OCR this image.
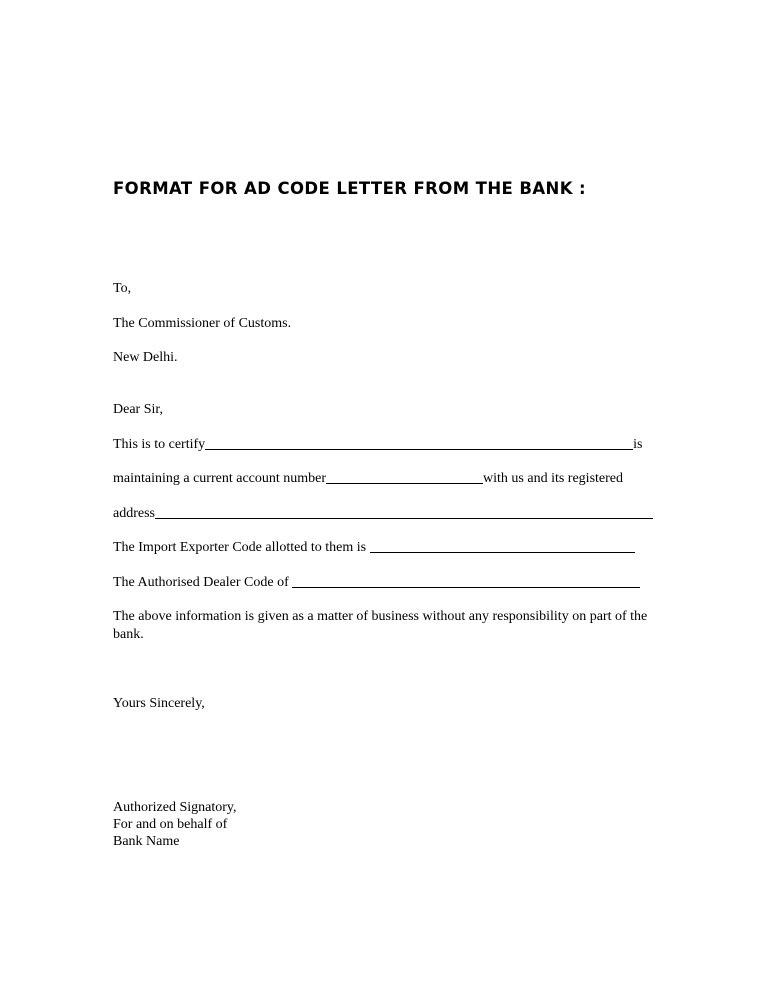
FORMAT FOR AD CODE LETTER FROM THE BANK :
To,
The Commissioner of Customs.
New Delhi.
Dear Sir,
This is to certify	is
maintaining a current account number	with us and its registered
address
The Import Exporter Code allotted to them is
The Authorised Dealer Code of
The above information is given as a matter of business without any responsibility on part of the bank.
Yours Sincerely,
Authorized Signatory,
For and on behalf of
Bank Name
